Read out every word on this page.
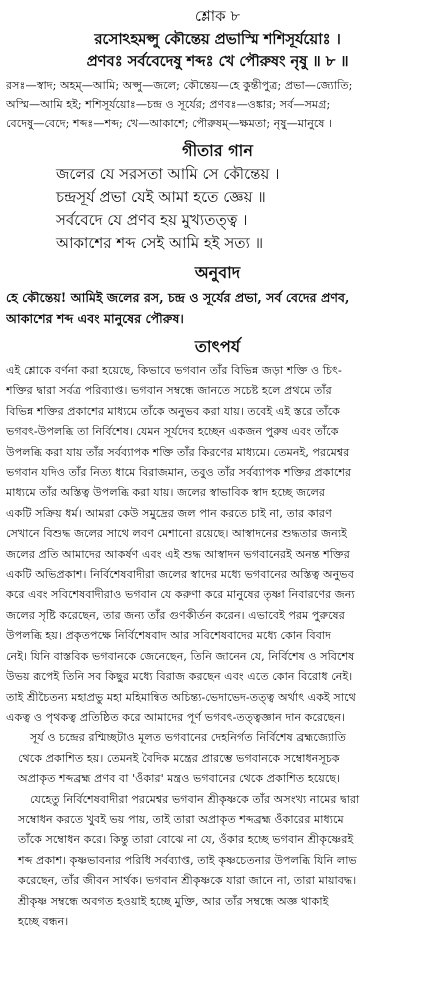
শ্লোক ৮
রসোঽহমপ্সু কৌন্তেয় প্রভাস্মি শশিসূর্যয়োঃ ।
প্রণবঃ সর্ববেদেষু শব্দঃ খে পৌরুষং নৃষু ॥ ৮ ॥
রসঃ—স্বাদ; অহম্—আমি; অপ্সু—জলে; কৌন্তেয়—হে কুন্তীপুত্র; প্রভা—জ্যোতি;
অস্মি—আমি হই; শশিসূর্যয়োঃ—চন্দ্র ও সূর্যের; প্রণবঃ—ওঙ্কার; সর্ব—সমগ্র;
বেদেষু—বেদে; শব্দঃ—শব্দ; খে—আকাশে; পৌরুষম্—ক্ষমতা; নৃষু—মানুষে ।
গীতার গান
জলের যে সরসতা আমি সে কৌন্তেয় ।
চন্দ্রসূর্য প্রভা যেই আমা হতে জ্ঞেয় ॥
সর্ববেদে যে প্রণব হয় মুখ্যতত্ত্ব ।
আকাশের শব্দ সেই আমি হই সত্য ॥
অনুবাদ
হে কৌন্তেয়! আমিই জলের রস, চন্দ্র ও সূর্যের প্রভা, সর্ব বেদের প্রণব,
আকাশের শব্দ এবং মানুষের পৌরুষ।
তাৎপর্য

এই শ্লোকে বর্ণনা করা হয়েছে, কিভাবে ভগবান তাঁর বিভিন্ন জড়া শক্তি ও চিৎ-
শক্তির দ্বারা সর্বত্র পরিব্যাপ্ত। ভগবান সম্বন্ধে জানতে সচেষ্ট হলে প্রথমে তাঁর
বিভিন্ন শক্তির প্রকাশের মাধ্যমে তাঁকে অনুভব করা যায়। তবেই এই স্তরে তাঁকে
ভগবৎ-উপলব্ধি তা নির্বিশেষ। যেমন সূর্যদেব হচ্ছেন একজন পুরুষ এবং তাঁকে
উপলব্ধি করা যায় তাঁর সর্বব্যাপক শক্তি তাঁর কিরণের মাধ্যমে। তেমনই, পরমেশ্বর
ভগবান যদিও তাঁর নিত্য ধামে বিরাজমান, তবুও তাঁর সর্বব্যাপক শক্তির প্রকাশের
মাধ্যমে তাঁর অস্তিত্ব উপলব্ধি করা যায়। জলের স্বাভাবিক স্বাদ হচ্ছে জলের
একটি সক্রিয় ধর্ম। আমরা কেউ সমুদ্রের জল পান করতে চাই না, তার কারণ
সেখানে বিশুদ্ধ জলের সাথে লবণ মেশানো রয়েছে। আস্বাদনের শুদ্ধতার জন্যই
জলের প্রতি আমাদের আকর্ষণ এবং এই শুদ্ধ আস্বাদন ভগবানেরই অনন্ত শক্তির
একটি অভিপ্রকাশ। নির্বিশেষবাদীরা জলের স্বাদের মধ্যে ভগবানের অস্তিত্ব অনুভব
করে এবং সবিশেষবাদীরাও ভগবান যে করুণা করে মানুষের তৃষ্ণা নিবারণের জন্য
জলের সৃষ্টি করেছেন, তার জন্য তাঁর গুণকীর্তন করেন। এভাবেই পরম পুরুষের
উপলব্ধি হয়। প্রকৃতপক্ষে নির্বিশেষবাদ আর সবিশেষবাদের মধ্যে কোন বিবাদ
নেই। যিনি বাস্তবিক ভগবানকে জেনেছেন, তিনি জানেন যে, নির্বিশেষ ও সবিশেষ
উভয় রূপেই তিনি সব কিছুর মধ্যে বিরাজ করছেন এবং এতে কোন বিরোধ নেই।
তাই শ্রীচৈতন্য মহাপ্রভু মহা মহিমান্বিত অচিন্ত্য-ভেদাভেদ-তত্ত্ব অর্থাৎ একই সাথে
একত্ব ও পৃথকত্ব প্রতিষ্ঠিত করে আমাদের পূর্ণ ভগবৎ-তত্ত্বজ্ঞান দান করেছেন।

সূর্য ও চন্দ্রের রশ্মিচ্ছটাও মূলত ভগবানের দেহনির্গত নির্বিশেষ ব্রহ্মজ্যোতি
থেকে প্রকাশিত হয়। তেমনই বৈদিক মন্ত্রের প্রারম্ভে ভগবানকে সম্বোধনসূচক
অপ্রাকৃত শব্দব্রহ্ম প্রণব বা 'ওঁকার' মন্ত্রও ভগবানের থেকে প্রকাশিত হয়েছে।
যেহেতু নির্বিশেষবাদীরা পরমেশ্বর ভগবান শ্রীকৃষ্ণকে তাঁর অসংখ্য নামের দ্বারা
সম্বোধন করতে খুবই ভয় পায়, তাই তারা অপ্রাকৃত শব্দব্রহ্ম ওঁকারের মাধ্যমে
তাঁকে সম্বোধন করে। কিন্তু তারা বোঝে না যে, ওঁকার হচ্ছে ভগবান শ্রীকৃষ্ণেরই
শব্দ প্রকাশ। কৃষ্ণভাবনার পরিধি সর্বব্যাপ্ত, তাই কৃষ্ণচেতনার উপলব্ধি যিনি লাভ
করেছেন, তাঁর জীবন সার্থক। ভগবান শ্রীকৃষ্ণকে যারা জানে না, তারা মায়াবদ্ধ।
শ্রীকৃষ্ণ সম্বন্ধে অবগত হওয়াই হচ্ছে মুক্তি, আর তাঁর সম্বন্ধে অজ্ঞ থাকাই
হচ্ছে বন্ধন।
